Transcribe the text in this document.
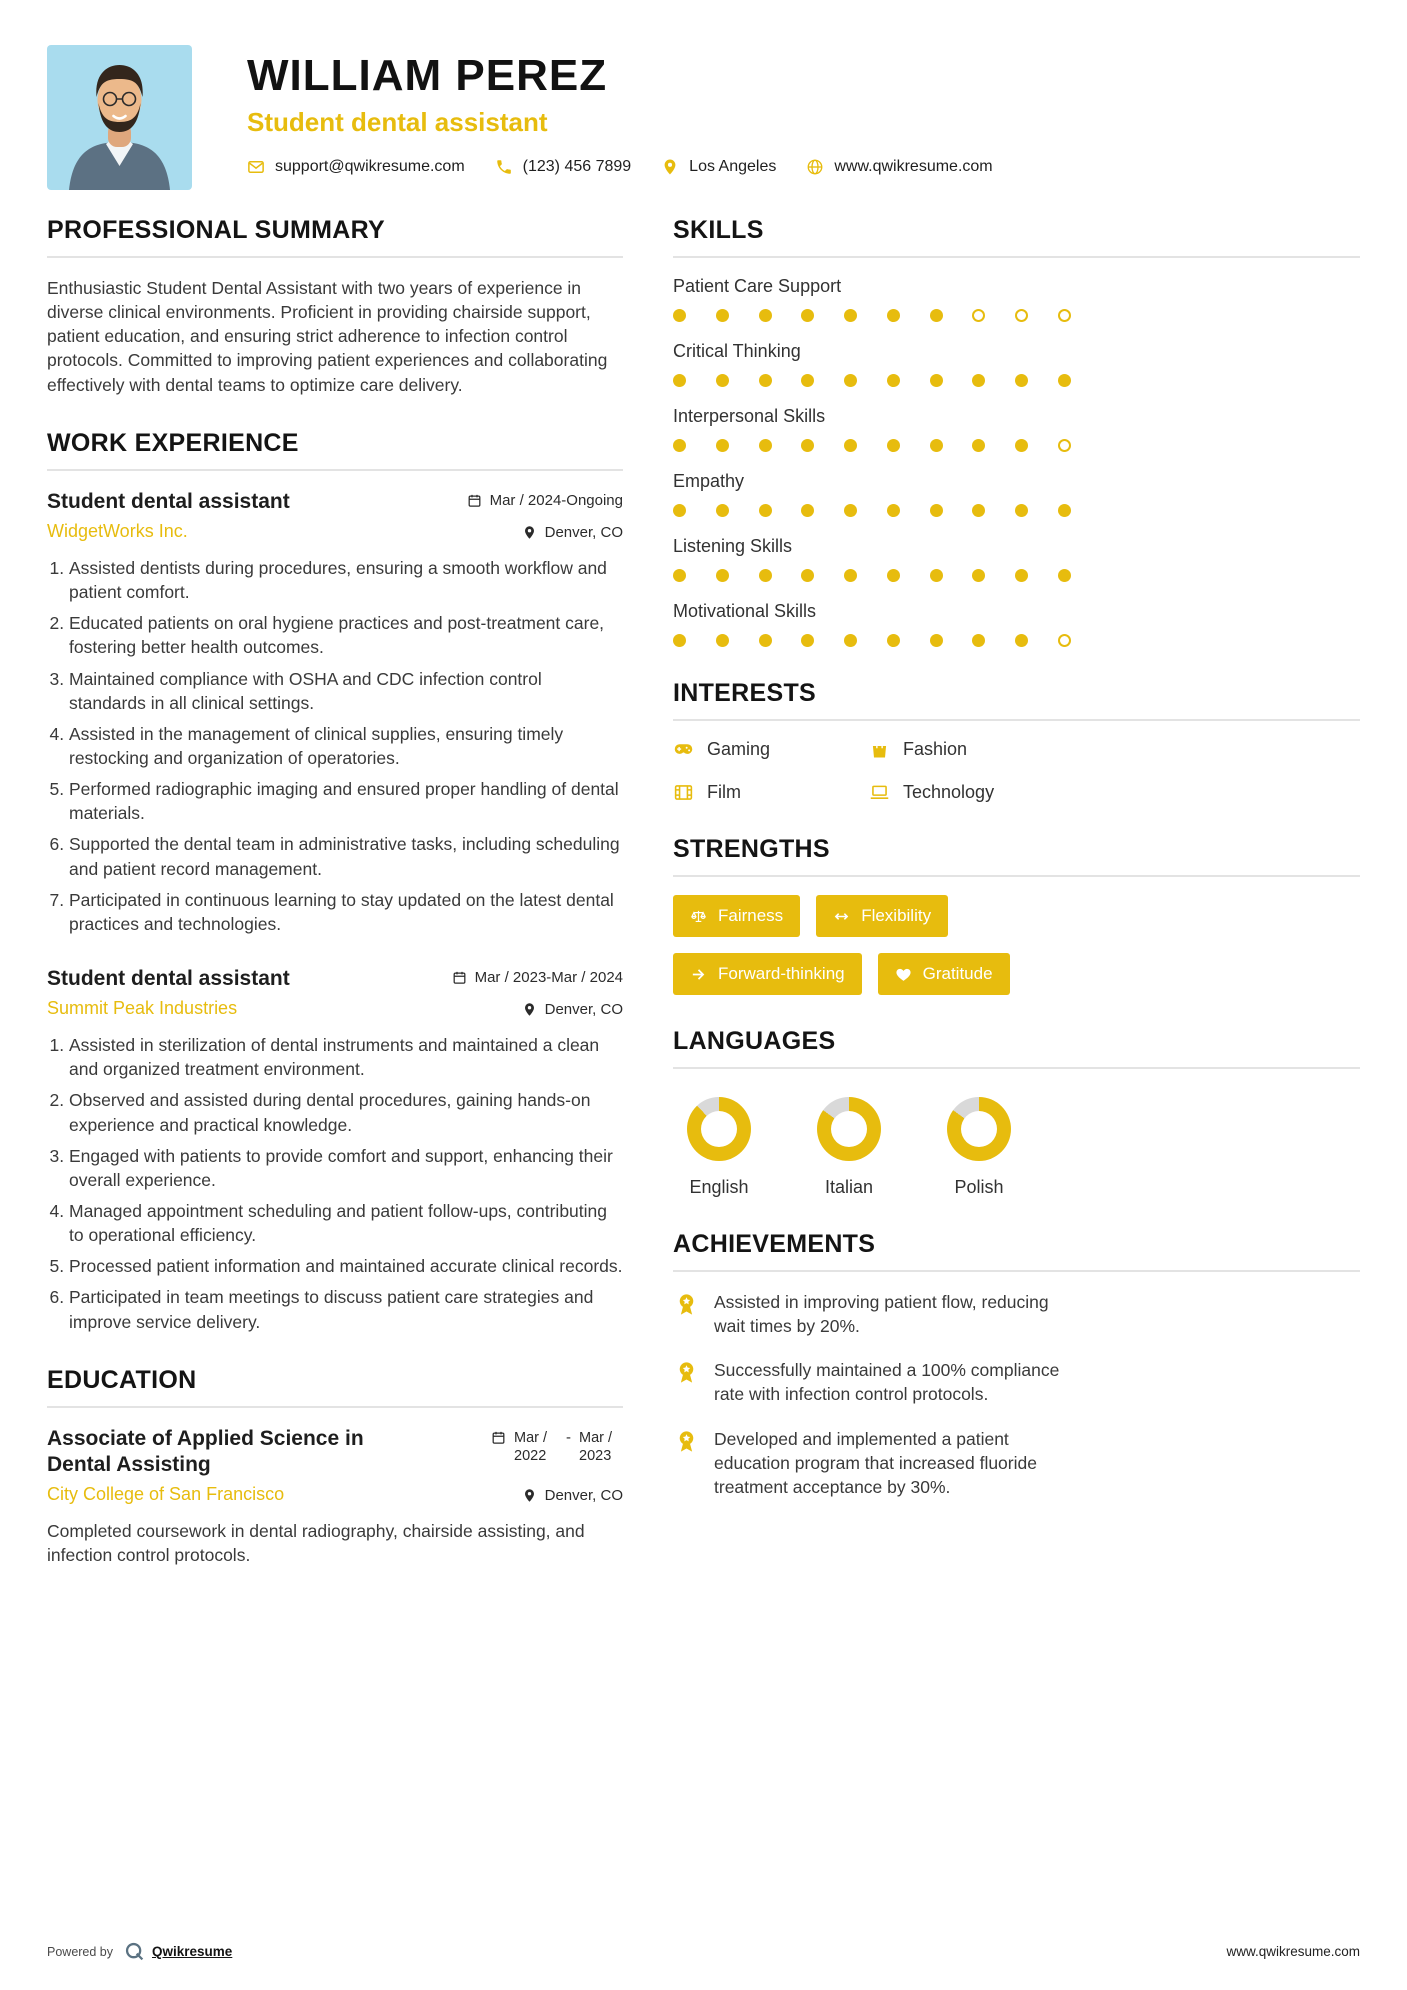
WILLIAM PEREZ
Student dental assistant
support@qwikresume.com	(123) 456 7899	Los Angeles	www.qwikresume.com
PROFESSIONAL SUMMARY

Enthusiastic Student Dental Assistant with two years of experience in diverse clinical environments. Proficient in providing chairside support, patient education, and ensuring strict adherence to infection control protocols. Committed to improving patient experiences and collaborating effectively with dental teams to optimize care delivery.

WORK EXPERIENCE
Student dental assistant	Mar / 2024-Ongoing
WidgetWorks Inc.	Denver, CO
1. Assisted dentists during procedures, ensuring a smooth workflow and patient comfort.
2. Educated patients on oral hygiene practices and post-treatment care, fostering better health outcomes.
3. Maintained compliance with OSHA and CDC infection control standards in all clinical settings.
4. Assisted in the management of clinical supplies, ensuring timely restocking and organization of operatories.
5. Performed radiographic imaging and ensured proper handling of dental materials.
6. Supported the dental team in administrative tasks, including scheduling and patient record management.
7. Participated in continuous learning to stay updated on the latest dental practices and technologies.
Student dental assistant	Mar / 2023-Mar / 2024
Summit Peak Industries	Denver, CO
1. Assisted in sterilization of dental instruments and maintained a clean and organized treatment environment.
2. Observed and assisted during dental procedures, gaining hands-on experience and practical knowledge.
3. Engaged with patients to provide comfort and support, enhancing their overall experience.
4. Managed appointment scheduling and patient follow-ups, contributing to operational efficiency.
5. Processed patient information and maintained accurate clinical records.
6. Participated in team meetings to discuss patient care strategies and improve service delivery.
EDUCATION
Associate of Applied Science in Dental Assisting
Mar / 2022
- Mar / 2023
City College of San Francisco	Denver, CO

Completed coursework in dental radiography, chairside assisting, and infection control protocols.

SKILLS
Patient Care Support
Critical Thinking
Interpersonal Skills
Empathy
Listening Skills
Motivational Skills
INTERESTS
Gaming	Fashion
Film	Technology
STRENGTHS
Fairness	Flexibility
Forward-thinking	Gratitude
LANGUAGES
English	Italian	Polish
ACHIEVEMENTS
Assisted in improving patient flow, reducing wait times by 20%.
Successfully maintained a 100% compliance rate with infection control protocols.
Developed and implemented a patient education program that increased fluoride treatment acceptance by 30%.
Powered by	Qwikresume	www.qwikresume.com
